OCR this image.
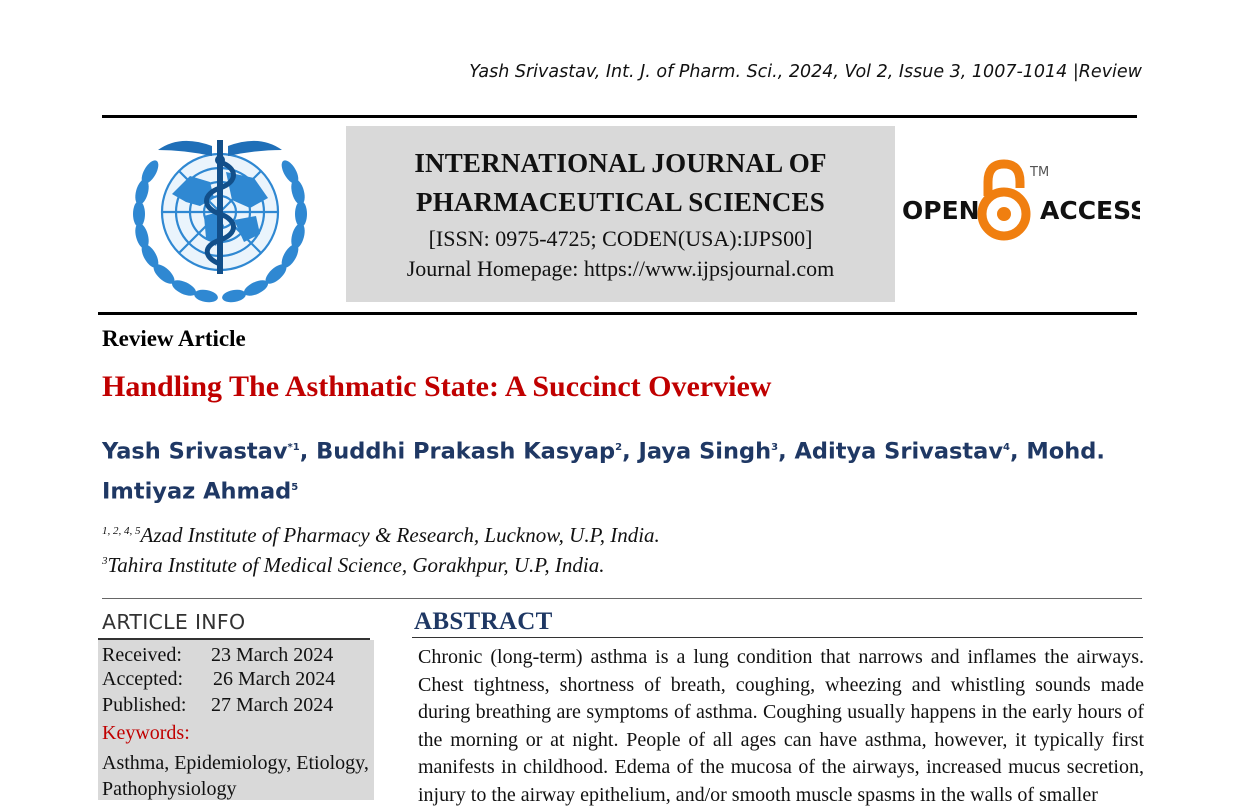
Yash Srivastav, Int. J. of Pharm. Sci., 2024, Vol 2, Issue 3, 1007-1014 |Review
INTERNATIONAL JOURNAL OF
PHARMACEUTICAL SCIENCES
[ISSN: 0975-4725; CODEN(USA):IJPS00]
Journal Homepage: https://www.ijpsjournal.com
OPEN ACCESS
TM
Review Article
Handling The Asthmatic State: A Succinct Overview
Yash Srivastav$^{*1}$, Buddhi Prakash Kasyap$^2$, Jaya Singh$^3$, Aditya Srivastav$^4$, Mohd. Imtiyaz Ahmad$^5$
$^{1, 2, 4, 5}$Azad Institute of Pharmacy & Research, Lucknow, U.P, India.
$^3$Tahira Institute of Medical Science, Gorakhpur, U.P, India.
ARTICLE INFO
Received: 23 March 2024
Accepted: 26 March 2024
Published: 27 March 2024
Keywords:
Asthma, Epidemiology, Etiology, Pathophysiology
ABSTRACT
Chronic (long-term) asthma is a lung condition that narrows and inflames the airways. Chest tightness, shortness of breath, coughing, wheezing and whistling sounds made during breathing are symptoms of asthma. Coughing usually happens in the early hours of the morning or at night. People of all ages can have asthma, however, it typically first manifests in childhood. Edema of the mucosa of the airways, increased mucus secretion, injury to the airway epithelium, and/or smooth muscle spasms in the walls of smaller
